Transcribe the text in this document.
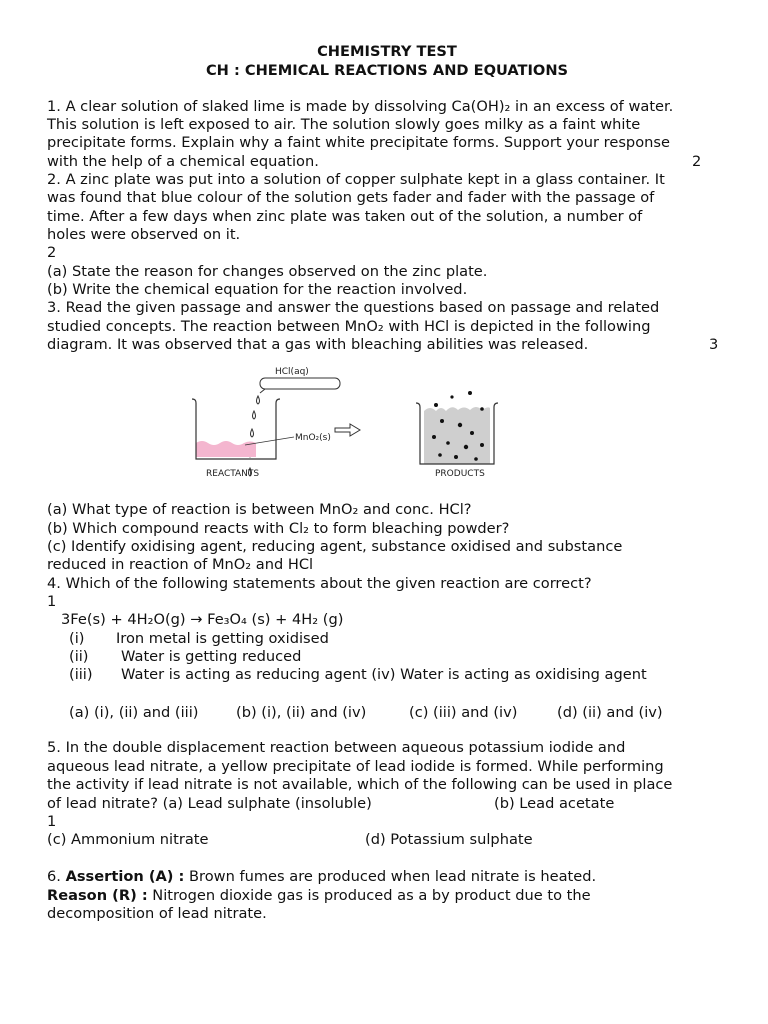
CHEMISTRY TEST
CH : CHEMICAL REACTIONS AND EQUATIONS
1. A clear solution of slaked lime is made by dissolving Ca(OH)₂ in an excess of water.
This solution is left exposed to air. The solution slowly goes milky as a faint white
precipitate forms. Explain why a faint white precipitate forms. Support your response
with the help of a chemical equation.	2
2. A zinc plate was put into a solution of copper sulphate kept in a glass container. It
was found that blue colour of the solution gets fader and fader with the passage of
time. After a few days when zinc plate was taken out of the solution, a number of
holes were observed on it.
2
(a) State the reason for changes observed on the zinc plate.
(b) Write the chemical equation for the reaction involved.
3. Read the given passage and answer the questions based on passage and related
studied concepts. The reaction between MnO₂ with HCl is depicted in the following
diagram. It was observed that a gas with bleaching abilities was released.	3
HCl(aq)
MnO₂(s)
REACTANTS	PRODUCTS
(a) What type of reaction is between MnO₂ and conc. HCl?
(b) Which compound reacts with Cl₂ to form bleaching powder?
(c) Identify oxidising agent, reducing agent, substance oxidised and substance
reduced in reaction of MnO₂ and HCl
4. Which of the following statements about the given reaction are correct?
1
3Fe(s) + 4H₂O(g) → Fe₃O₄ (s) + 4H₂ (g)
(i) Iron metal is getting oxidised
(ii) Water is getting reduced
(iii) Water is acting as reducing agent (iv) Water is acting as oxidising agent
(a) (i), (ii) and (iii)	(b) (i), (ii) and (iv)	(c) (iii) and (iv)	(d) (ii) and (iv)
5. In the double displacement reaction between aqueous potassium iodide and
aqueous lead nitrate, a yellow precipitate of lead iodide is formed. While performing
the activity if lead nitrate is not available, which of the following can be used in place
of lead nitrate? (a) Lead sulphate (insoluble)	(b) Lead acetate
1
(c) Ammonium nitrate	(d) Potassium sulphate
6. Assertion (A) : Brown fumes are produced when lead nitrate is heated.
Reason (R) : Nitrogen dioxide gas is produced as a by product due to the
decomposition of lead nitrate.
